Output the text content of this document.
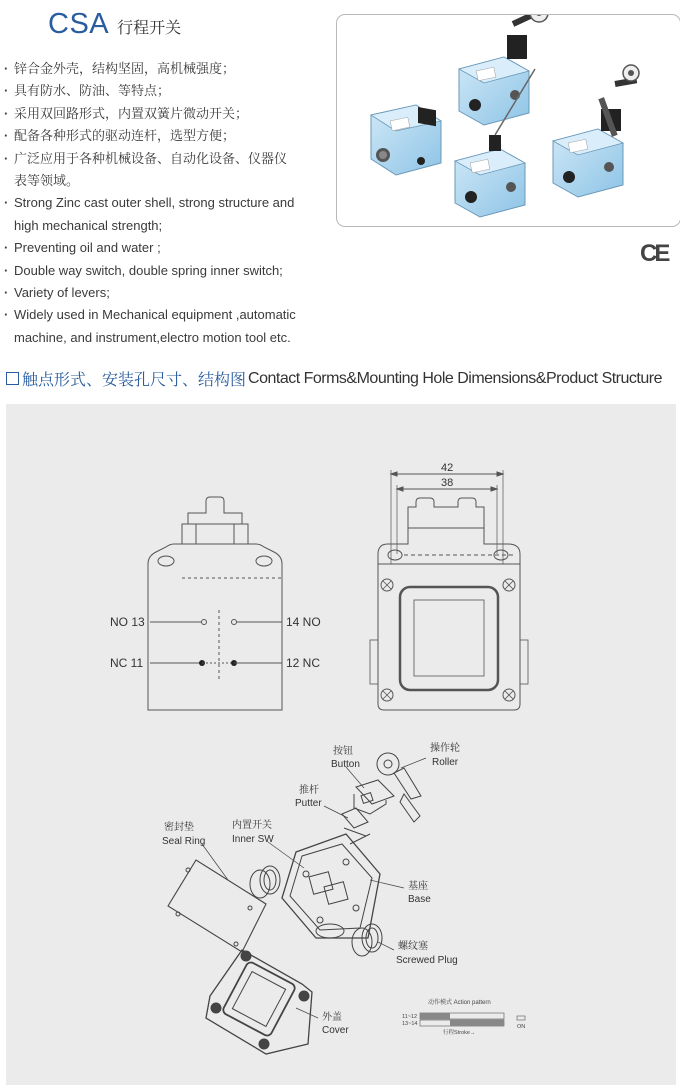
CSA 行程开关
· 锌合金外壳，结构坚固，高机械强度；
· 具有防水、防油、等特点；
· 采用双回路形式，内置双簧片微动开关；
· 配备各种形式的驱动连杆，选型方便；
· 广泛应用于各种机械设备、自动化设备、仪器仪
表等领域。
· Strong Zinc cast outer shell, strong structure and
high mechanical strength;
· Preventing oil and water ;
· Double way switch, double spring inner switch;
· Variety of levers;
· Widely used in Mechanical equipment ,automatic
machine, and instrument,electro motion tool etc.
CE
触点形式、安装孔尺寸、结构图 Contact Forms&Mounting Hole Dimensions&Product Structure
NO 13	14 NO
NC 11	12 NC
42
38
按钮
Button
操作轮
Roller
推杆
Putter
密封垫
Seal Ring
内置开关
Inner SW
基座
Base
螺纹塞
Screwed Plug
外盖
Cover
动作模式 Action pattern
11~12
13~14
行程Stroke→
ON
